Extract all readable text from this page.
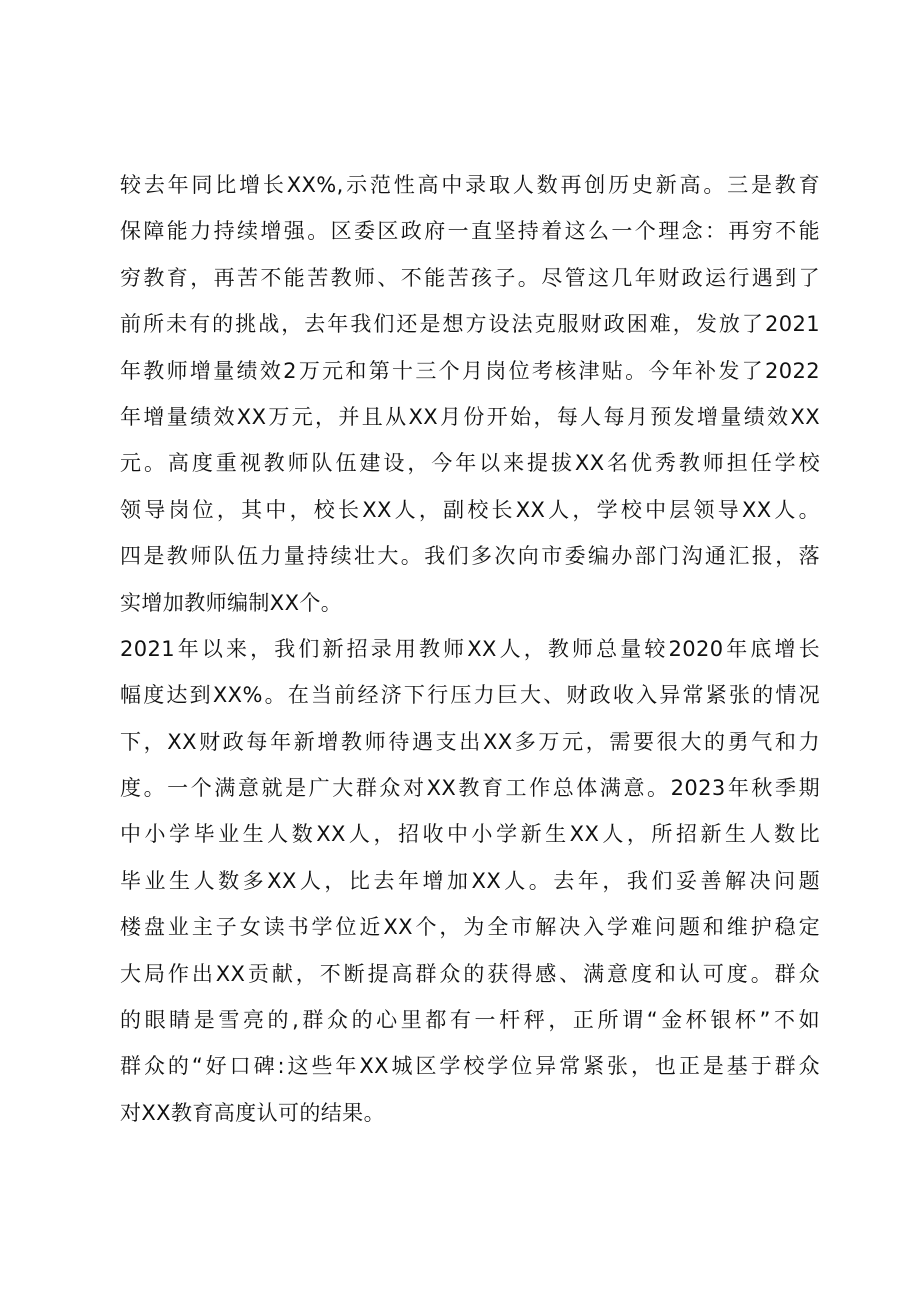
较去年同比增长XX%,示范性高中录取人数再创历史新高。三是教育
保障能力持续增强。区委区政府一直坚持着这么一个理念：再穷不能
穷教育，再苦不能苦教师、不能苦孩子。尽管这几年财政运行遇到了
前所未有的挑战，去年我们还是想方设法克服财政困难，发放了2021
年教师增量绩效2万元和第十三个月岗位考核津贴。今年补发了2022
年增量绩效XX万元，并且从XX月份开始，每人每月预发增量绩效XX
元。高度重视教师队伍建设，今年以来提拔XX名优秀教师担任学校
领导岗位，其中，校长XX人，副校长XX人，学校中层领导XX人。
四是教师队伍力量持续壮大。我们多次向市委编办部门沟通汇报，落
实增加教师编制XX个。
2021年以来，我们新招录用教师XX人，教师总量较2020年底增长
幅度达到XX%。在当前经济下行压力巨大、财政收入异常紧张的情况
下，XX财政每年新增教师待遇支出XX多万元，需要很大的勇气和力
度。一个满意就是广大群众对XX教育工作总体满意。2023年秋季期
中小学毕业生人数XX人，招收中小学新生XX人，所招新生人数比
毕业生人数多XX人，比去年增加XX人。去年，我们妥善解决问题
楼盘业主子女读书学位近XX个，为全市解决入学难问题和维护稳定
大局作出XX贡献，不断提高群众的获得感、满意度和认可度。群众
的眼睛是雪亮的,群众的心里都有一杆秤，正所谓“金杯银杯”不如
群众的“好口碑:这些年XX城区学校学位异常紧张，也正是基于群众
对XX教育高度认可的结果。
